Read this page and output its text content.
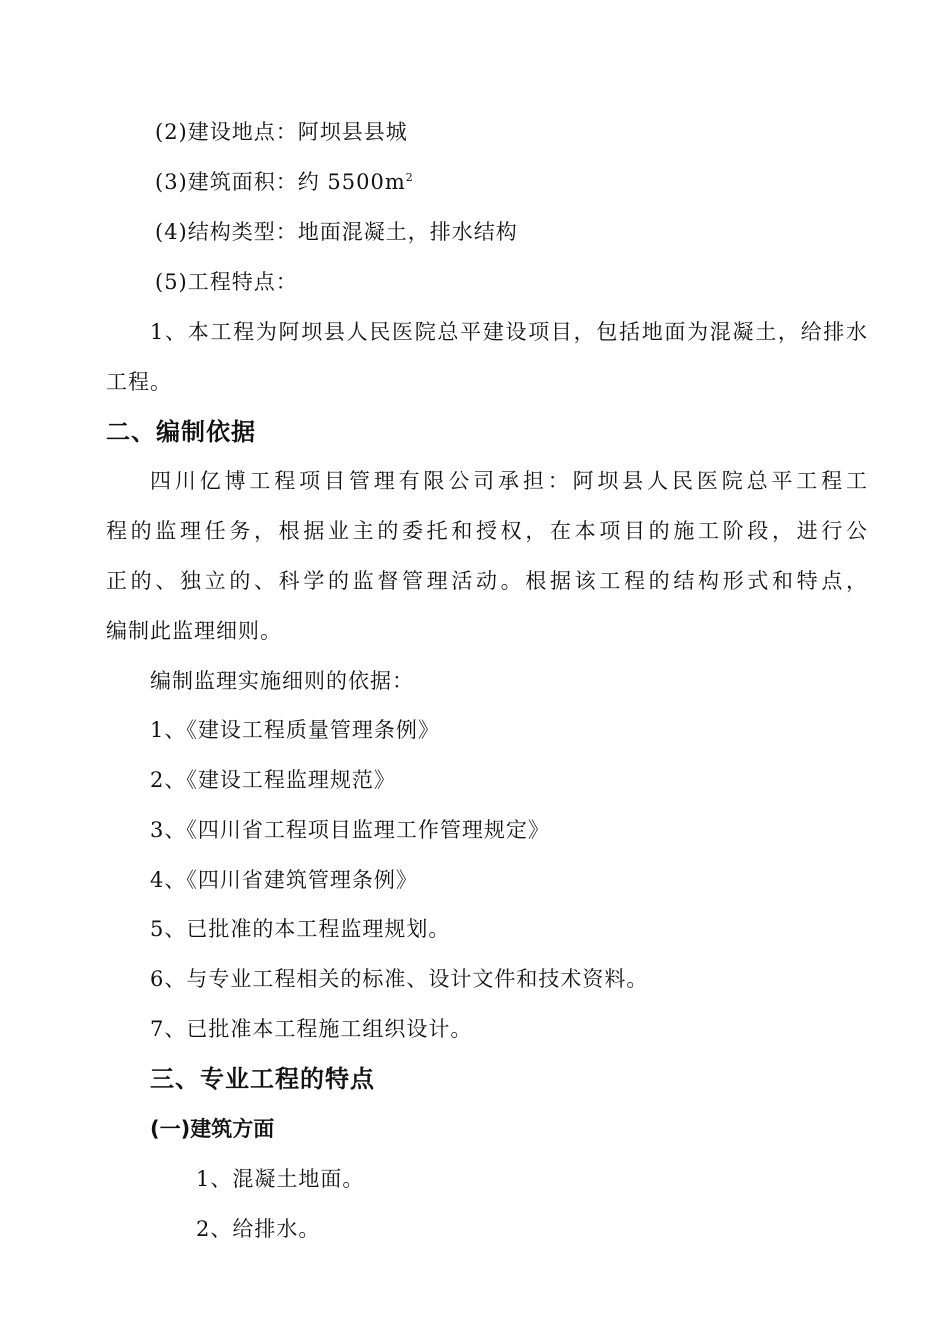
(2)建设地点：阿坝县县城
(3)建筑面积：约 $5500m^2$
(4)结构类型：地面混凝土，排水结构
(5)工程特点：
1、本工程为阿坝县人民医院总平建设项目，包括地面为混凝土，给排水
工程。
二、编制依据
四川亿博工程项目管理有限公司承担：阿坝县人民医院总平工程工
程的监理任务，根据业主的委托和授权，在本项目的施工阶段，进行公
正的、独立的、科学的监督管理活动。根据该工程的结构形式和特点，
编制此监理细则。
编制监理实施细则的依据：
1、《建设工程质量管理条例》
2、《建设工程监理规范》
3、《四川省工程项目监理工作管理规定》
4、《四川省建筑管理条例》
5、已批准的本工程监理规划。
6、与专业工程相关的标准、设计文件和技术资料。
7、已批准本工程施工组织设计。
三、专业工程的特点
(一)建筑方面
1、混凝土地面。
2、给排水。
